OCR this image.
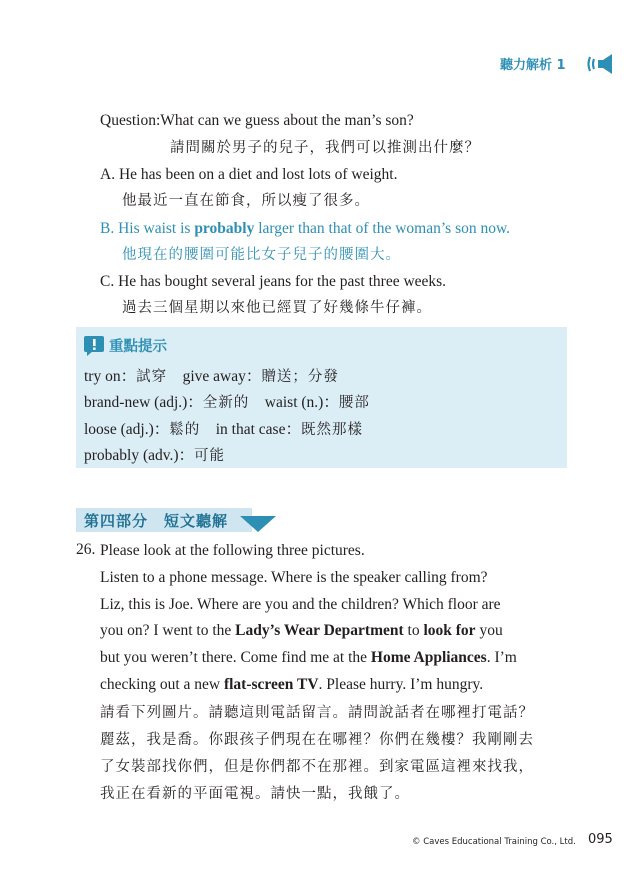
聽力解析 1
Question:What can we guess about the man’s son?
請問關於男子的兒子，我們可以推測出什麼？
A. He has been on a diet and lost lots of weight.
他最近一直在節食，所以瘦了很多。
B. His waist is probably larger than that of the woman’s son now.
他現在的腰圍可能比女子兒子的腰圍大。
C. He has bought several jeans for the past three weeks.
過去三個星期以來他已經買了好幾條牛仔褲。
重點提示
try on：試穿 give away：贈送；分發
brand-new (adj.)：全新的 waist (n.)：腰部
loose (adj.)：鬆的 in that case：既然那樣
probably (adv.)：可能
第四部分　短文聽解
26. Please look at the following three pictures.
Listen to a phone message. Where is the speaker calling from?
Liz, this is Joe. Where are you and the children? Which floor are
you on? I went to the Lady’s Wear Department to look for you
but you weren’t there. Come find me at the Home Appliances. I’m
checking out a new flat-screen TV. Please hurry. I’m hungry.
請看下列圖片。請聽這則電話留言。請問說話者在哪裡打電話？
麗茲，我是喬。你跟孩子們現在在哪裡？你們在幾樓？我剛剛去
了女裝部找你們，但是你們都不在那裡。到家電區這裡來找我，
我正在看新的平面電視。請快一點，我餓了。
© Caves Educational Training Co., Ltd. 095
